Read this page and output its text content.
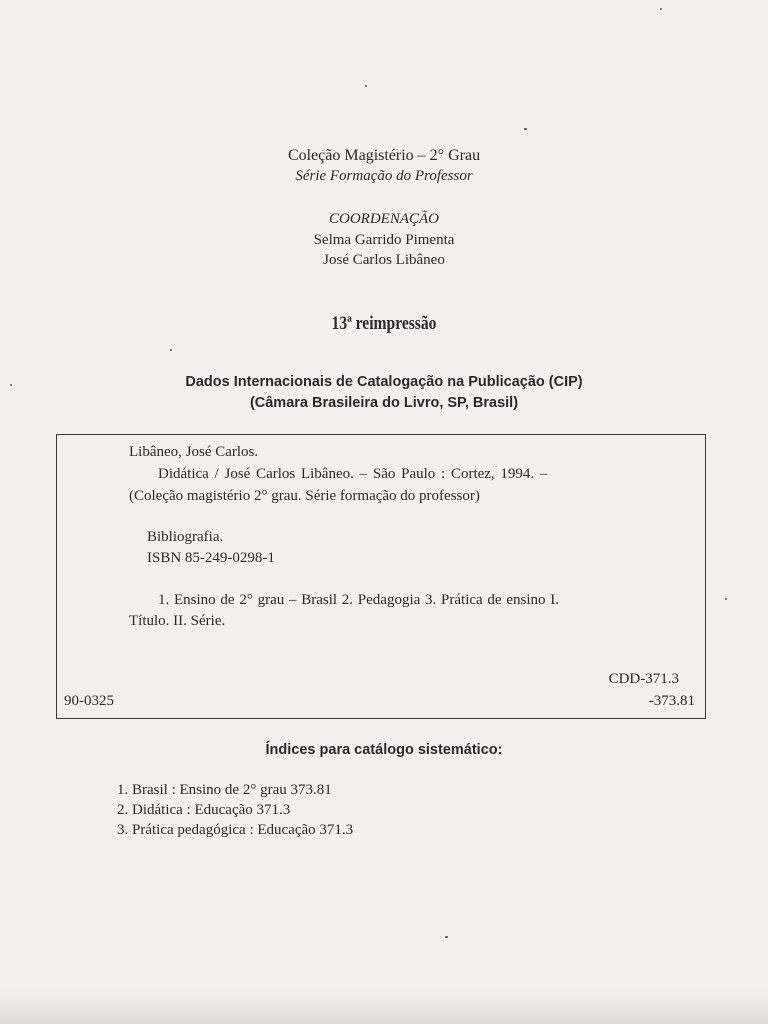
Coleção Magistério – 2° Grau
Série Formação do Professor
COORDENAÇÃO
Selma Garrido Pimenta
José Carlos Libâneo
13ª reimpressão
Dados Internacionais de Catalogação na Publicação (CIP)
(Câmara Brasileira do Livro, SP, Brasil)
Libâneo, José Carlos.
Didática / José Carlos Libâneo. – São Paulo : Cortez, 1994. –
(Coleção magistério 2° grau. Série formação do professor)
Bibliografia.
ISBN 85-249-0298-1
1. Ensino de 2° grau – Brasil 2. Pedagogia 3. Prática de ensino I.
Título. II. Série.
CDD-371.3
-373.81
90-0325
Índices para catálogo sistemático:
1. Brasil : Ensino de 2° grau 373.81
2. Didática : Educação 371.3
3. Prática pedagógica : Educação 371.3
